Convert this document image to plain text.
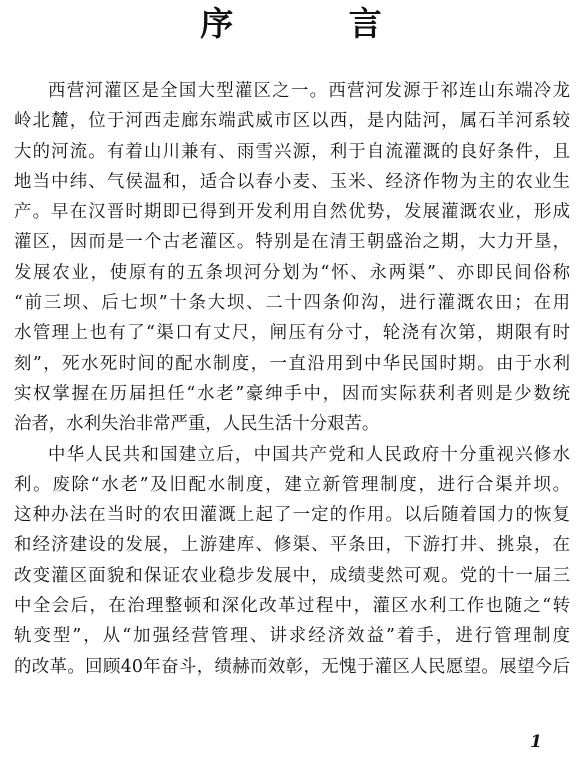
序 言
西营河灌区是全国大型灌区之一。西营河发源于祁连山东端冷龙
岭北麓，位于河西走廊东端武威市区以西，是内陆河，属石羊河系较
大的河流。有着山川兼有、雨雪兴源，利于自流灌溉的良好条件，且
地当中纬、气侯温和，适合以春小麦、玉米、经济作物为主的农业生
产。早在汉晋时期即已得到开发利用自然优势，发展灌溉农业，形成
灌区，因而是一个古老灌区。特别是在清王朝盛治之期，大力开垦，
发展农业，使原有的五条坝河分划为“怀、永两渠”、亦即民间俗称
“前三坝、后七坝”十条大坝、二十四条仰沟，进行灌溉农田；在用
水管理上也有了“渠口有丈尺，闸压有分寸，轮浇有次第，期限有时
刻”，死水死时间的配水制度，一直沿用到中华民国时期。由于水利
实权掌握在历届担任“水老”豪绅手中，因而实际获利者则是少数统
治者，水利失治非常严重，人民生活十分艰苦。
中华人民共和国建立后，中国共产党和人民政府十分重视兴修水
利。废除“水老”及旧配水制度，建立新管理制度，进行合渠并坝。
这种办法在当时的农田灌溉上起了一定的作用。以后随着国力的恢复
和经济建设的发展，上游建库、修渠、平条田，下游打井、挑泉，在
改变灌区面貌和保证农业稳步发展中，成绩斐然可观。党的十一届三
中全会后，在治理整顿和深化改革过程中，灌区水利工作也随之“转
轨变型”，从“加强经营管理、讲求经济效益”着手，进行管理制度
的改革。回顾40年奋斗，绩赫而效彰，无愧于灌区人民愿望。展望今后
1
